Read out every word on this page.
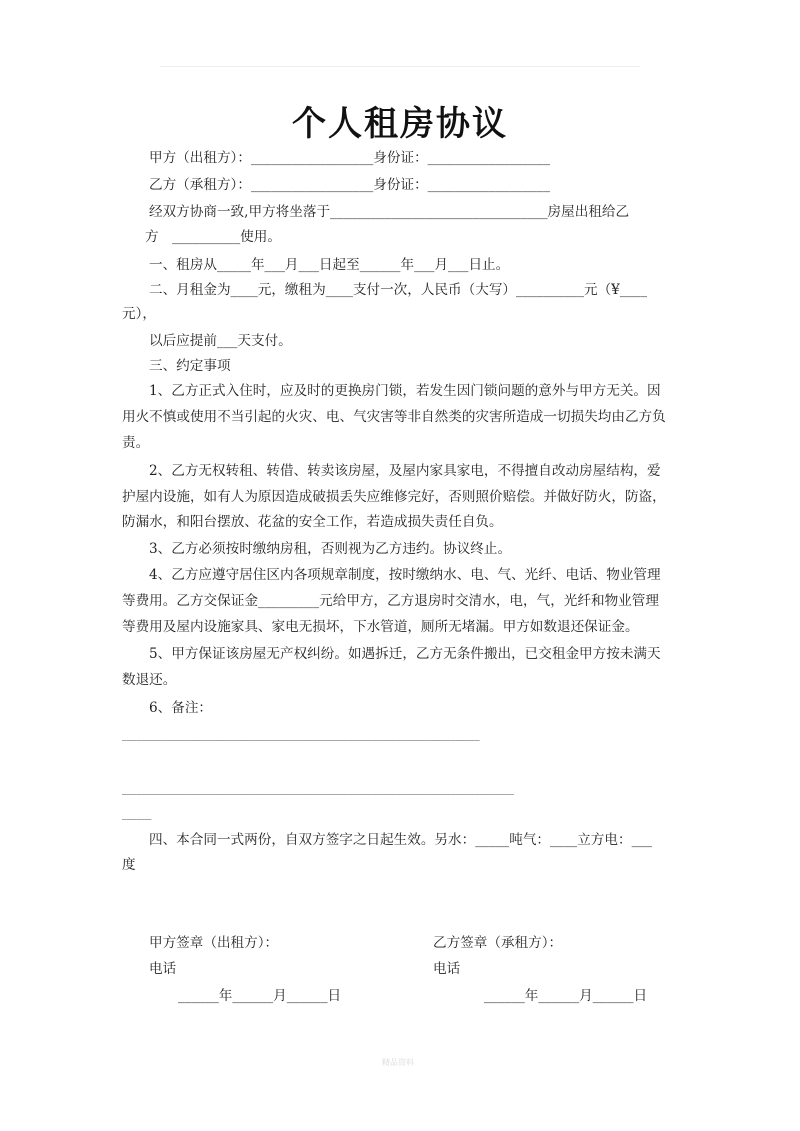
个人租房协议
甲方（出租方）：__________________身份证：__________________
乙方（承租方）：__________________身份证：__________________
经双方协商一致,甲方将坐落于________________________________房屋出租给乙
方　__________使用。
一、租房从_____年___月___日起至______年___月___日止。
二、月租金为____元，缴租为____支付一次，人民币（大写）__________元（¥____
元），
以后应提前___天支付。
三、约定事项
1、乙方正式入住时，应及时的更换房门锁，若发生因门锁问题的意外与甲方无关。因
用火不慎或使用不当引起的火灾、电、气灾害等非自然类的灾害所造成一切损失均由乙方负
责。
2、乙方无权转租、转借、转卖该房屋，及屋内家具家电，不得擅自改动房屋结构，爱
护屋内设施，如有人为原因造成破损丢失应维修完好，否则照价赔偿。并做好防火，防盗，
防漏水，和阳台摆放、花盆的安全工作，若造成损失责任自负。
3、乙方必须按时缴纳房租，否则视为乙方违约。协议终止。
4、乙方应遵守居住区内各项规章制度，按时缴纳水、电、气、光纤、电话、物业管理
等费用。乙方交保证金_________元给甲方，乙方退房时交清水，电，气，光纤和物业管理
等费用及屋内设施家具、家电无损坏，下水管道，厕所无堵漏。甲方如数退还保证金。
5、甲方保证该房屋无产权纠纷。如遇拆迁，乙方无条件搬出，已交租金甲方按未满天
数退还。
6、备注：
_________________________________________________________________________
________________________________________________________________________________
______
四、本合同一式两份，自双方签字之日起生效。另水：_____吨气：____立方电：___
度
甲方签章（出租方）：	乙方签章（承租方）：
电话	电话
______年______月______日	______年______月______日
精品资料
